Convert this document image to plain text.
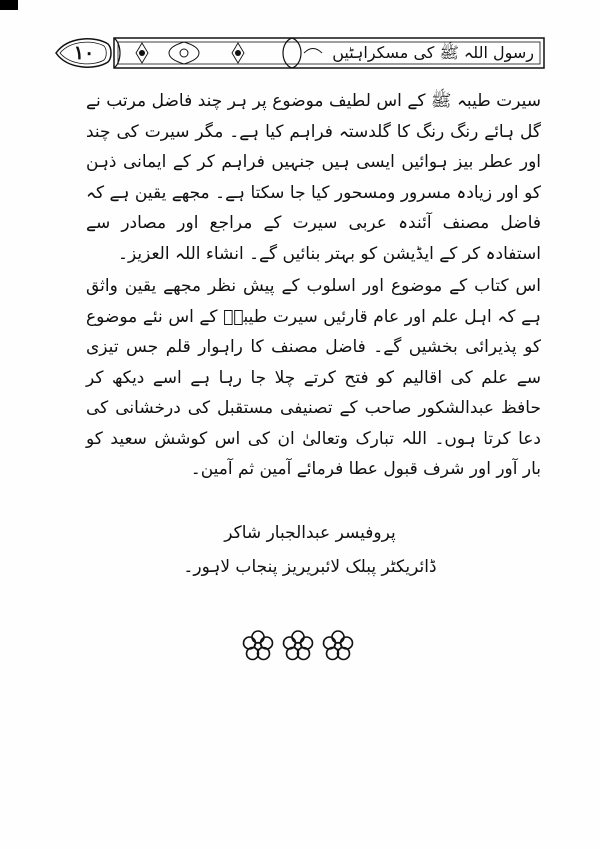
۱۰	رسول اللہ ﷺ کی مسکراہٹیں

سیرت طیبہ ﷺ کے اس لطیف موضوع پر ہر چند فاضل مرتب نے گل ہائے رنگ رنگ کا گلدستہ فراہم کیا ہے۔ مگر سیرت کی چند اور عطر بیز ہوائیں ایسی ہیں جنہیں فراہم کر کے ایمانی ذہن کو اور زیادہ مسرور ومسحور کیا جا سکتا ہے۔ مجھے یقین ہے کہ فاضل مصنف آئندہ عربی سیرت کے مراجع اور مصادر سے استفادہ کر کے ایڈیشن کو بہتر بنائیں گے۔ انشاء اللہ العزیز۔

اس کتاب کے موضوع اور اسلوب کے پیش نظر مجھے یقین واثق ہے کہ اہل علم اور عام قارئیں سیرت طیبہؐ کے اس نئے موضوع کو پذیرائی بخشیں گے۔ فاضل مصنف کا راہوار قلم جس تیزی سے علم کی اقالیم کو فتح کرتے چلا جا رہا ہے اسے دیکھ کر حافظ عبدالشکور صاحب کے تصنیفی مستقبل کی درخشانی کی دعا کرتا ہوں۔ اللہ تبارک وتعالیٰ ان کی اس کوشش سعید کو بار آور اور شرف قبول عطا فرمائے آمین ثم آمین۔

پروفیسر عبدالجبار شاکر
ڈائریکٹر پبلک لائبریریز پنجاب لاہور۔
